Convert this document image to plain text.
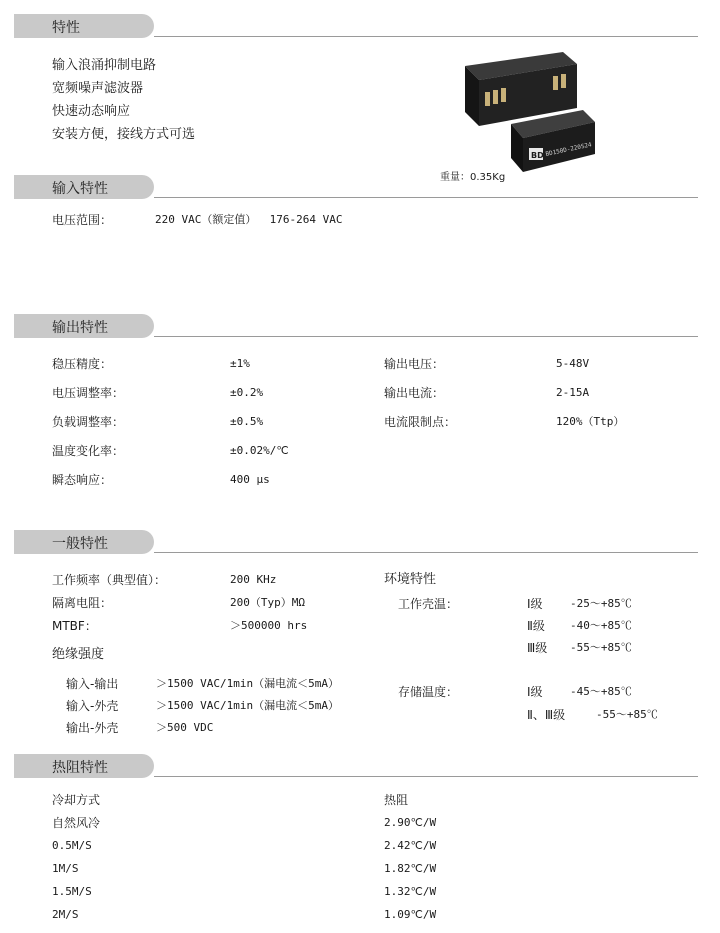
特性
输入浪涌抑制电路
宽频噪声滤波器
快速动态响应
安装方便，接线方式可选
BD BD150D-220S24
重量：0.35Kg
输入特性
电压范围：	220 VAC（额定值）  176-264 VAC
输出特性
稳压精度：	±1%
电压调整率：	±0.2%
负载调整率：	±0.5%
温度变化率：	±0.02%/℃
瞬态响应：	400 μs
输出电压：	5-48V
输出电流：	2-15A
电流限制点：	120%（Ttp）
一般特性
工作频率（典型值）：	200 KHz
隔离电阻：	200（Typ）MΩ
MTBF：	＞500000 hrs
绝缘强度
输入-输出	＞1500 VAC/1min（漏电流＜5mA）
输入-外壳	＞1500 VAC/1min（漏电流＜5mA）
输出-外壳	＞500 VDC
环境特性
工作壳温：	Ⅰ级 -25～+85℃
Ⅱ级 -40～+85℃
Ⅲ级 -55～+85℃
存储温度：	Ⅰ级 -45～+85℃
Ⅱ、Ⅲ级	-55～+85℃
热阻特性
冷却方式	热阻
自然风冷	2.90℃/W
0.5M/S	2.42℃/W
1M/S	1.82℃/W
1.5M/S	1.32℃/W
2M/S	1.09℃/W
